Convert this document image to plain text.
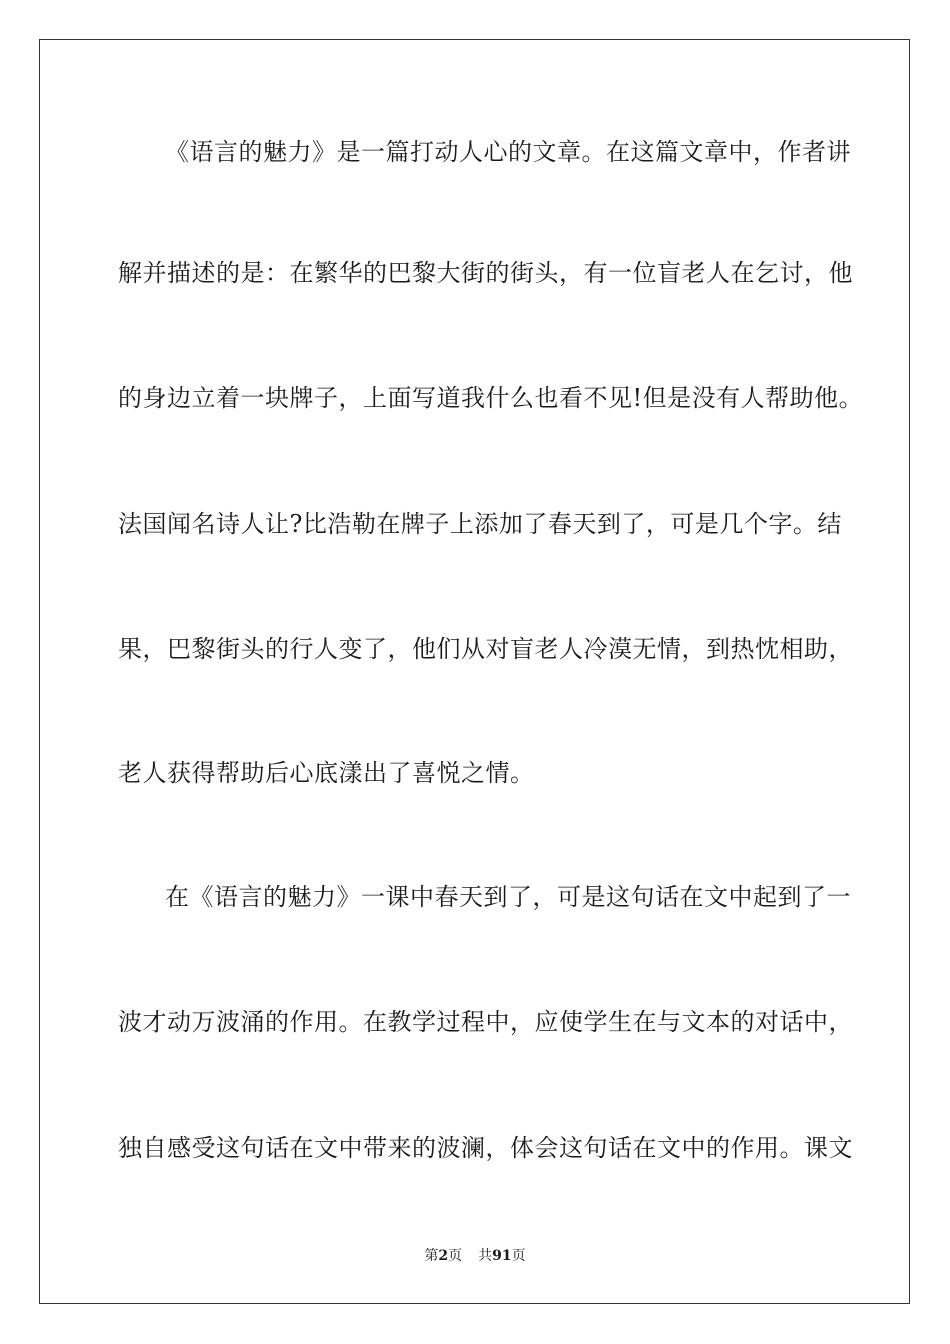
《语言的魅力》是一篇打动人心的文章。在这篇文章中，作者讲
解并描述的是：在繁华的巴黎大街的街头，有一位盲老人在乞讨，他
的身边立着一块牌子，上面写道我什么也看不见!但是没有人帮助他。
法国闻名诗人让?比浩勒在牌子上添加了春天到了，可是几个字。结
果，巴黎街头的行人变了，他们从对盲老人冷漠无情，到热忱相助，
老人获得帮助后心底漾出了喜悦之情。
在《语言的魅力》一课中春天到了，可是这句话在文中起到了一
波才动万波涌的作用。在教学过程中，应使学生在与文本的对话中，
独自感受这句话在文中带来的波澜，体会这句话在文中的作用。课文
第2页 共91页
